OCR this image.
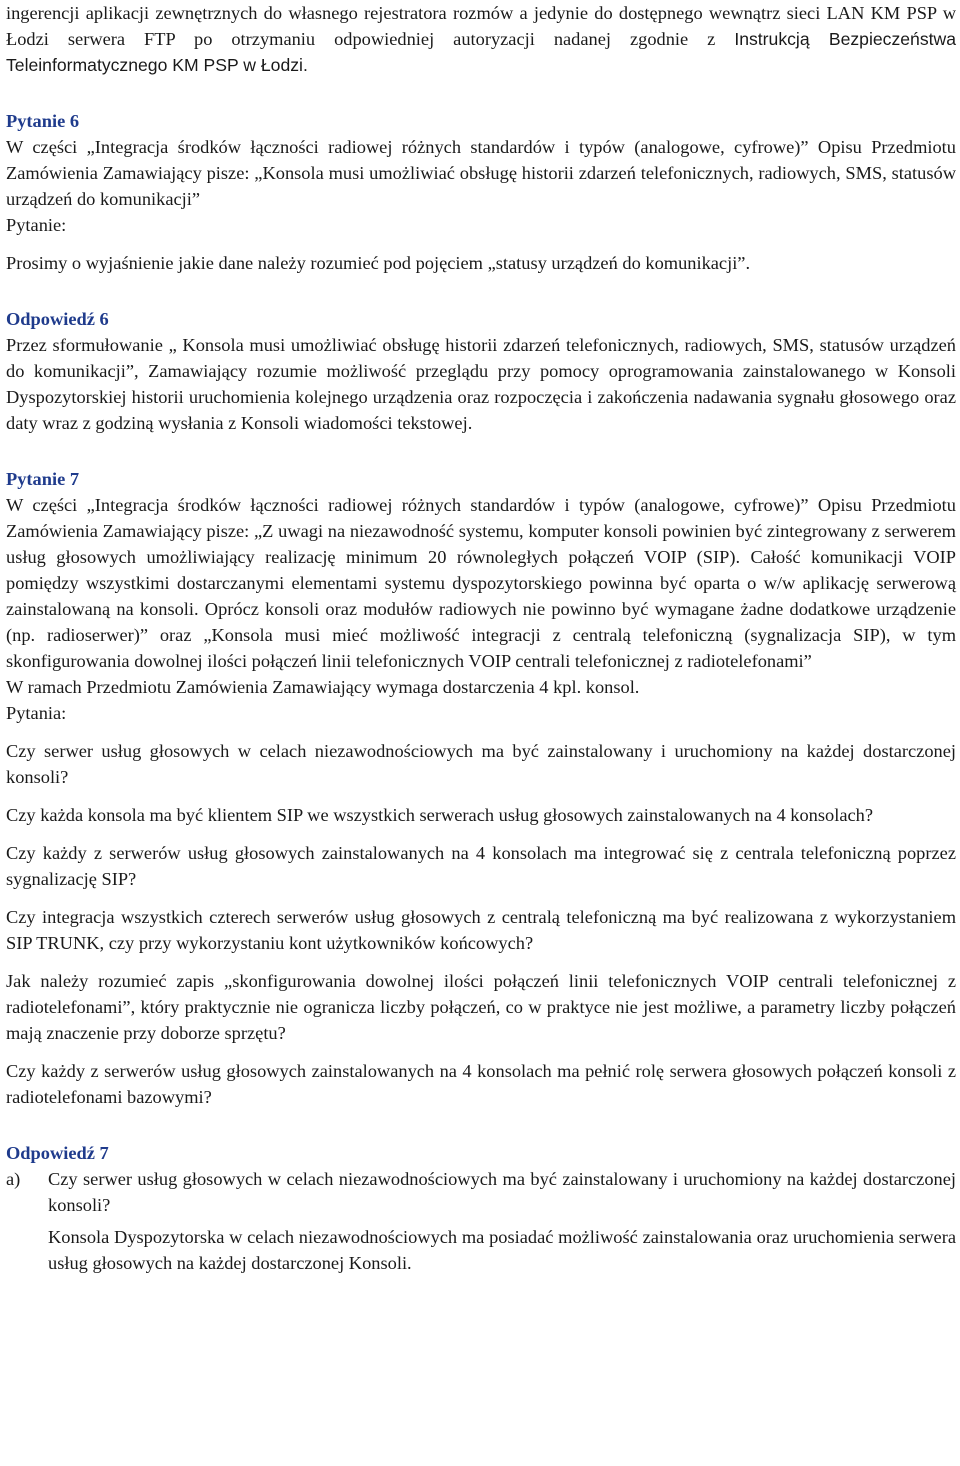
ingerencji aplikacji zewnętrznych do własnego rejestratora rozmów a jedynie do dostępnego wewnątrz sieci LAN KM PSP w Łodzi serwera FTP po otrzymaniu odpowiedniej autoryzacji nadanej zgodnie z Instrukcją Bezpieczeństwa Teleinformatycznego KM PSP w Łodzi.

Pytanie 6

W części „Integracja środków łączności radiowej różnych standardów i typów (analogowe, cyfrowe)” Opisu Przedmiotu Zamówienia Zamawiający pisze: „Konsola musi umożliwiać obsługę historii zdarzeń telefonicznych, radiowych, SMS, statusów urządzeń do komunikacji”

Pytanie:

Prosimy o wyjaśnienie jakie dane należy rozumieć pod pojęciem „statusy urządzeń do komunikacji”.

Odpowiedź 6

Przez sformułowanie „ Konsola musi umożliwiać obsługę historii zdarzeń telefonicznych, radiowych, SMS, statusów urządzeń do komunikacji”, Zamawiający rozumie możliwość przeglądu przy pomocy oprogramowania zainstalowanego w Konsoli Dyspozytorskiej historii uruchomienia kolejnego urządzenia oraz rozpoczęcia i zakończenia nadawania sygnału głosowego oraz daty wraz z godziną wysłania z Konsoli wiadomości tekstowej.

Pytanie 7

W części „Integracja środków łączności radiowej różnych standardów i typów (analogowe, cyfrowe)” Opisu Przedmiotu Zamówienia Zamawiający pisze: „Z uwagi na niezawodność systemu, komputer konsoli powinien być zintegrowany z serwerem usług głosowych umożliwiający realizację minimum 20 równoległych połączeń VOIP (SIP). Całość komunikacji VOIP pomiędzy wszystkimi dostarczanymi elementami systemu dyspozytorskiego powinna być oparta o w/w aplikację serwerową zainstalowaną na konsoli. Oprócz konsoli oraz modułów radiowych nie powinno być wymagane żadne dodatkowe urządzenie (np. radioserwer)” oraz „Konsola musi mieć możliwość integracji z centralą telefoniczną (sygnalizacja SIP), w tym skonfigurowania dowolnej ilości połączeń linii telefonicznych VOIP centrali telefonicznej z radiotelefonami”

W ramach Przedmiotu Zamówienia Zamawiający wymaga dostarczenia 4 kpl. konsol.

Pytania:

Czy serwer usług głosowych w celach niezawodnościowych ma być zainstalowany i uruchomiony na każdej dostarczonej konsoli?

Czy każda konsola ma być klientem SIP we wszystkich serwerach usług głosowych zainstalowanych na 4 konsolach?

Czy każdy z serwerów usług głosowych zainstalowanych na 4 konsolach ma integrować się z centrala telefoniczną poprzez sygnalizację SIP?

Czy integracja wszystkich czterech serwerów usług głosowych z centralą telefoniczną ma być realizowana z wykorzystaniem SIP TRUNK, czy przy wykorzystaniu kont użytkowników końcowych?

Jak należy rozumieć zapis „skonfigurowania dowolnej ilości połączeń linii telefonicznych VOIP centrali telefonicznej z radiotelefonami”, który praktycznie nie ogranicza liczby połączeń, co w praktyce nie jest możliwe, a parametry liczby połączeń mają znaczenie przy doborze sprzętu?

Czy każdy z serwerów usług głosowych zainstalowanych na 4 konsolach ma pełnić rolę serwera głosowych połączeń konsoli z radiotelefonami bazowymi?

Odpowiedź 7

a)	Czy serwer usług głosowych w celach niezawodnościowych ma być zainstalowany i uruchomiony na każdej dostarczonej konsoli?

Konsola Dyspozytorska w celach niezawodnościowych ma posiadać możliwość zainstalowania oraz uruchomienia serwera usług głosowych na każdej dostarczonej Konsoli.
